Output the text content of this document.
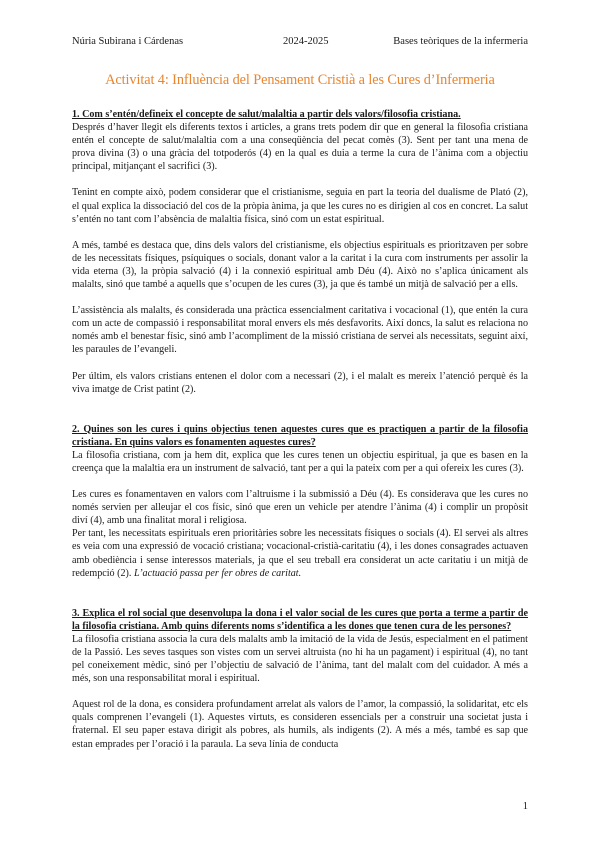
Núria Subirana i Cárdenas	2024-2025	Bases teòriques de la infermeria
Activitat 4: Influència del Pensament Cristià a les Cures d’Infermeria

1. Com s’entén/defineix el concepte de salut/malaltia a partir dels valors/filosofia cristiana.

Després d’haver llegit els diferents textos i articles, a grans trets podem dir que en general la filosofia cristiana entén el concepte de salut/malaltia com a una conseqüència del pecat comès (3). Sent per tant una mena de prova divina (3) o una gràcia del totpoderós (4) en la qual es duia a terme la cura de l’ànima com a objectiu principal, mitjançant el sacrifici (3).

Tenint en compte això, podem considerar que el cristianisme, seguia en part la teoria del dualisme de Plató (2), el qual explica la dissociació del cos de la pròpia ànima, ja que les cures no es dirigien al cos en concret. La salut s’entén no tant com l’absència de malaltia física, sinó com un estat espiritual.

A més, també es destaca que, dins dels valors del cristianisme, els objectius espirituals es prioritzaven per sobre de les necessitats físiques, psíquiques o socials, donant valor a la caritat i la cura com instruments per assolir la vida eterna (3), la pròpia salvació (4) i la connexió espiritual amb Déu (4). Això no s’aplica únicament als malalts, sinó que també a aquells que s’ocupen de les cures (3), ja que és també un mitjà de salvació per a ells.

L’assistència als malalts, és considerada una pràctica essencialment caritativa i vocacional (1), que entén la cura com un acte de compassió i responsabilitat moral envers els més desfavorits. Així doncs, la salut es relaciona no només amb el benestar físic, sinó amb l’acompliment de la missió cristiana de servei als necessitats, seguint així, les paraules de l’evangeli.

Per últim, els valors cristians entenen el dolor com a necessari (2), i el malalt es mereix l’atenció perquè és la viva imatge de Crist patint (2).

2. Quines son les cures i quins objectius tenen aquestes cures que es practiquen a partir de la filosofia cristiana. En quins valors es fonamenten aquestes cures?

La filosofia cristiana, com ja hem dit, explica que les cures tenen un objectiu espiritual, ja que es basen en la creença que la malaltia era un instrument de salvació, tant per a qui la pateix com per a qui ofereix les cures (3).

Les cures es fonamentaven en valors com l’altruisme i la submissió a Déu (4). Es considerava que les cures no només servien per alleujar el cos físic, sinó que eren un vehicle per atendre l’ànima (4) i complir un propòsit diví (4), amb una finalitat moral i religiosa.

Per tant, les necessitats espirituals eren prioritàries sobre les necessitats físiques o socials (4). El servei als altres es veia com una expressió de vocació cristiana; vocacional-cristià-caritatiu (4), i les dones consagrades actuaven amb obediència i sense interessos materials, ja que el seu treball era considerat un acte caritatiu i un mitjà de redempció (2). L’actuació passa per fer obres de caritat.

3. Explica el rol social que desenvolupa la dona i el valor social de les cures que porta a terme a partir de la filosofia cristiana. Amb quins diferents noms s’identifica a les dones que tenen cura de les persones?

La filosofia cristiana associa la cura dels malalts amb la imitació de la vida de Jesús, especialment en el patiment de la Passió. Les seves tasques son vistes com un servei altruista (no hi ha un pagament) i espiritual (4), no tant pel coneixement mèdic, sinó per l’objectiu de salvació de l’ànima, tant del malalt com del cuidador. A més a més, son una responsabilitat moral i espiritual.

Aquest rol de la dona, es considera profundament arrelat als valors de l’amor, la compassió, la solidaritat, etc els quals comprenen l’evangeli (1). Aquestes virtuts, es consideren essencials per a construir una societat justa i fraternal. El seu paper estava dirigit als pobres, als humils, als indigents (2). A més a més, també es sap que estan emprades per l’oració i la paraula. La seva línia de conducta

1
